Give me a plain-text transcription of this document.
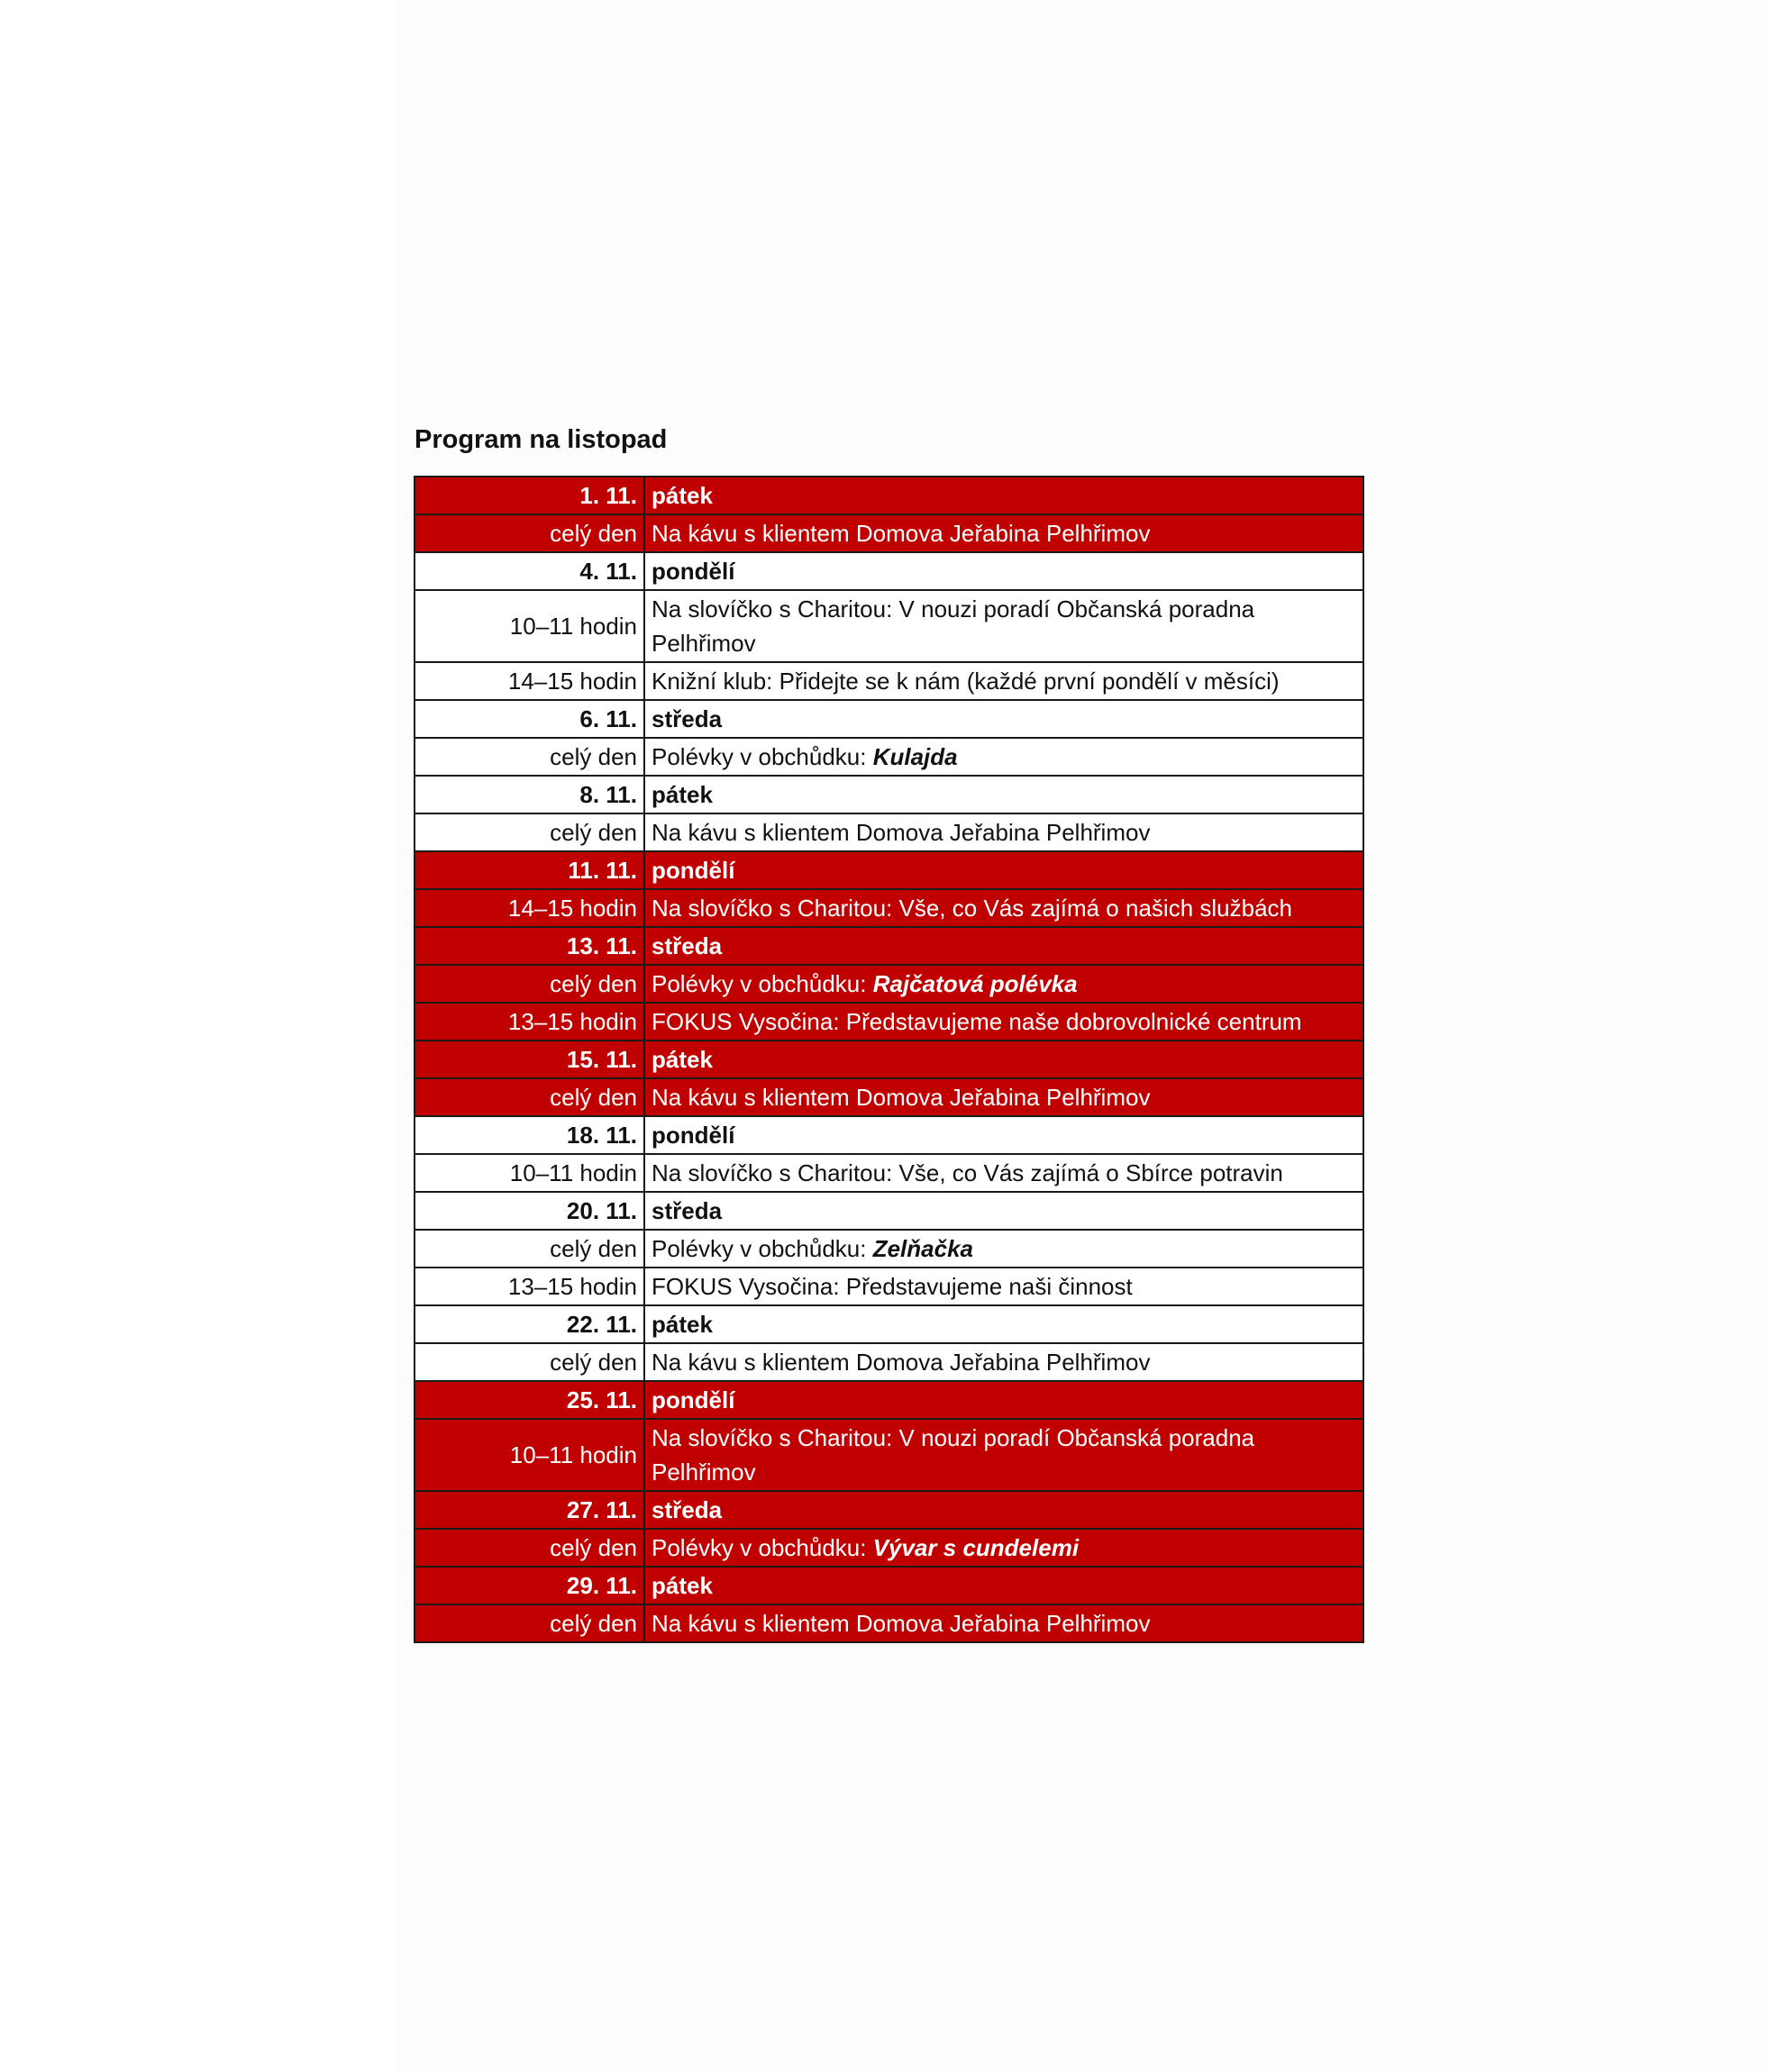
Program na listopad
1. 11.	pátek
celý den	Na kávu s klientem Domova Jeřabina Pelhřimov
4. 11.	pondělí
10–11 hodin	Na slovíčko s Charitou: V nouzi poradí Občanská poradna Pelhřimov
14–15 hodin	Knižní klub: Přidejte se k nám (každé první pondělí v měsíci)
6. 11.	středa
celý den	Polévky v obchůdku: Kulajda
8. 11.	pátek
celý den	Na kávu s klientem Domova Jeřabina Pelhřimov
11. 11.	pondělí
14–15 hodin	Na slovíčko s Charitou: Vše, co Vás zajímá o našich službách
13. 11.	středa
celý den	Polévky v obchůdku: Rajčatová polévka
13–15 hodin	FOKUS Vysočina: Představujeme naše dobrovolnické centrum
15. 11.	pátek
celý den	Na kávu s klientem Domova Jeřabina Pelhřimov
18. 11.	pondělí
10–11 hodin	Na slovíčko s Charitou: Vše, co Vás zajímá o Sbírce potravin
20. 11.	středa
celý den	Polévky v obchůdku: Zelňačka
13–15 hodin	FOKUS Vysočina: Představujeme naši činnost
22. 11.	pátek
celý den	Na kávu s klientem Domova Jeřabina Pelhřimov
25. 11.	pondělí
10–11 hodin	Na slovíčko s Charitou: V nouzi poradí Občanská poradna Pelhřimov
27. 11.	středa
celý den	Polévky v obchůdku: Vývar s cundelemi
29. 11.	pátek
celý den	Na kávu s klientem Domova Jeřabina Pelhřimov
